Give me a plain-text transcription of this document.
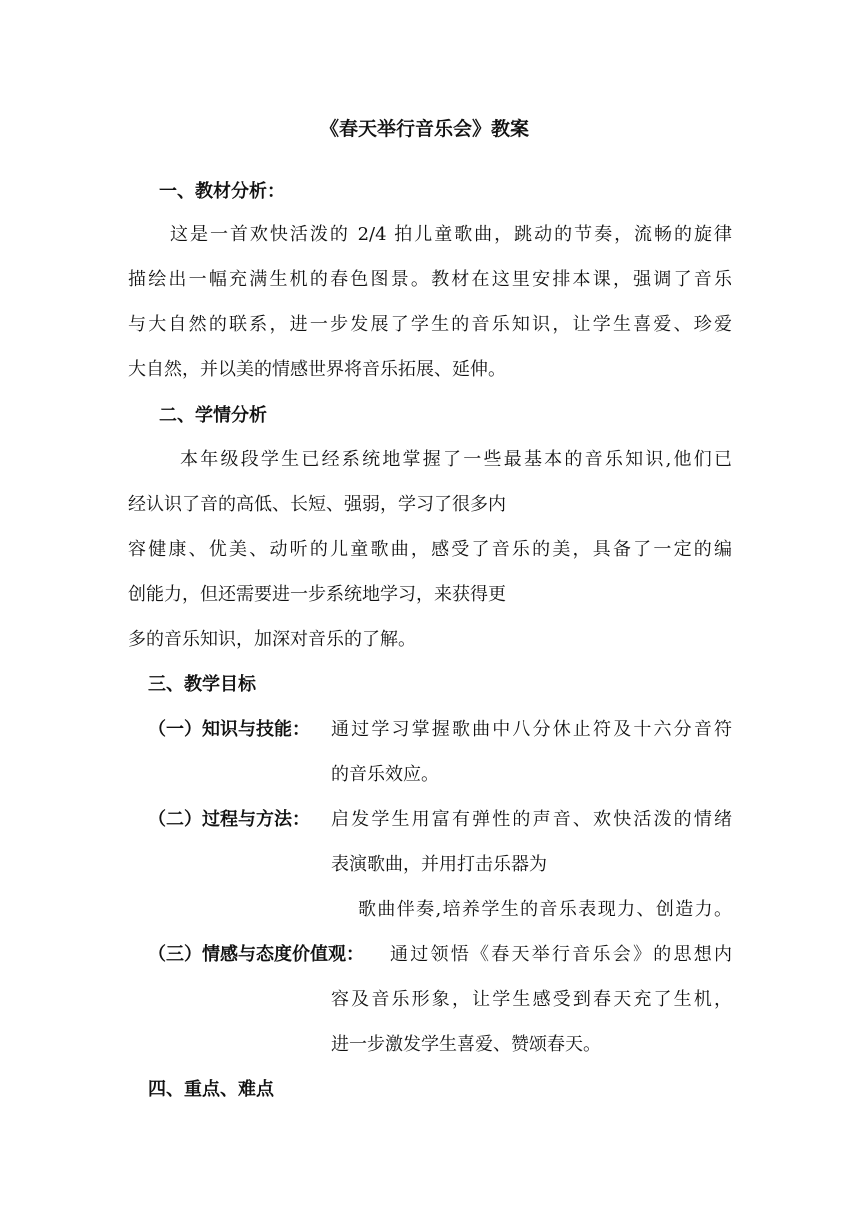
《春天举行音乐会》教案
一、教材分析：
这是一首欢快活泼的 2/4 拍儿童歌曲，跳动的节奏，流畅的旋律
描绘出一幅充满生机的春色图景。教材在这里安排本课，强调了音乐
与大自然的联系，进一步发展了学生的音乐知识，让学生喜爱、珍爱
大自然，并以美的情感世界将音乐拓展、延伸。
二、学情分析
本年级段学生已经系统地掌握了一些最基本的音乐知识,他们已
经认识了音的高低、长短、强弱，学习了很多内
容健康、优美、动听的儿童歌曲，感受了音乐的美，具备了一定的编
创能力，但还需要进一步系统地学习，来获得更
多的音乐知识，加深对音乐的了解。
三、教学目标
（一）知识与技能： 通过学习掌握歌曲中八分休止符及十六分音符
的音乐效应。
（二）过程与方法： 启发学生用富有弹性的声音、欢快活泼的情绪
表演歌曲，并用打击乐器为
歌曲伴奏,培养学生的音乐表现力、创造力。
（三）情感与态度价值观： 通过领悟《春天举行音乐会》的思想内
容及音乐形象，让学生感受到春天充了生机，
进一步激发学生喜爱、赞颂春天。
四、重点、难点
